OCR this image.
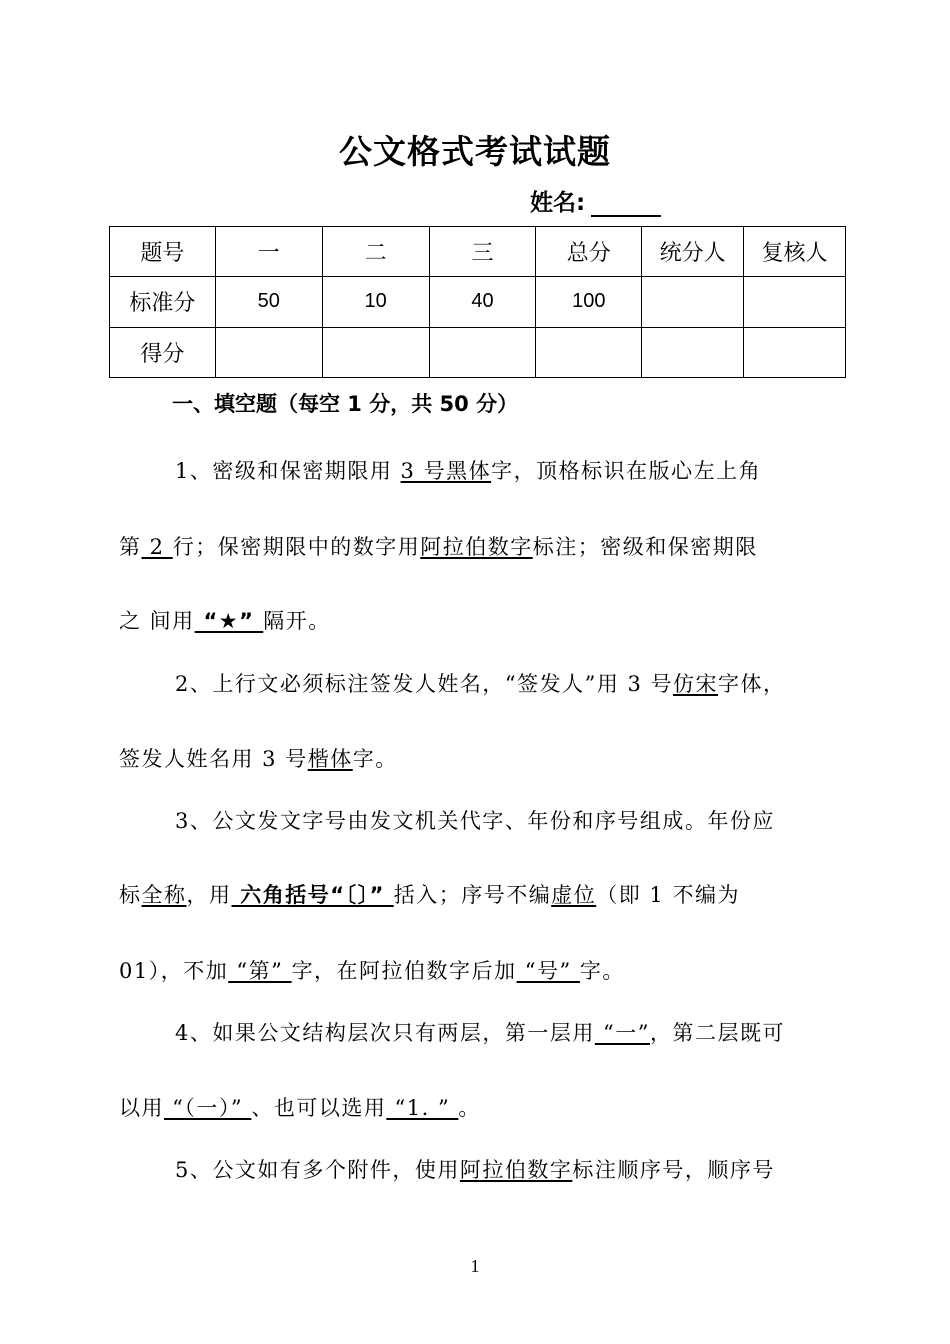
公文格式考试试题
姓名:
题号	一	二	三	总分	统分人	复核人
标准分	50	10	40	100		
得分						
一、填空题（每空 1 分，共 50 分）
1、密级和保密期限用 3 号黑体字，顶格标识在版心左上角
第 2 行；保密期限中的数字用阿拉伯数字标注；密级和保密期限
之 间用 “★” 隔开。
2、上行文必须标注签发人姓名，“签发人”用 3 号仿宋字体，
签发人姓名用 3 号楷体字。
3、公文发文字号由发文机关代字、年份和序号组成。年份应
标全称，用 六角括号“〔〕” 括入；序号不编虚位（即 1 不编为
01），不加 “第” 字，在阿拉伯数字后加 “号” 字。
4、如果公文结构层次只有两层，第一层用 “一”，第二层既可
以用 “（一）” 、也可以选用 “1. ” 。
5、公文如有多个附件，使用阿拉伯数字标注顺序号，顺序号
1
